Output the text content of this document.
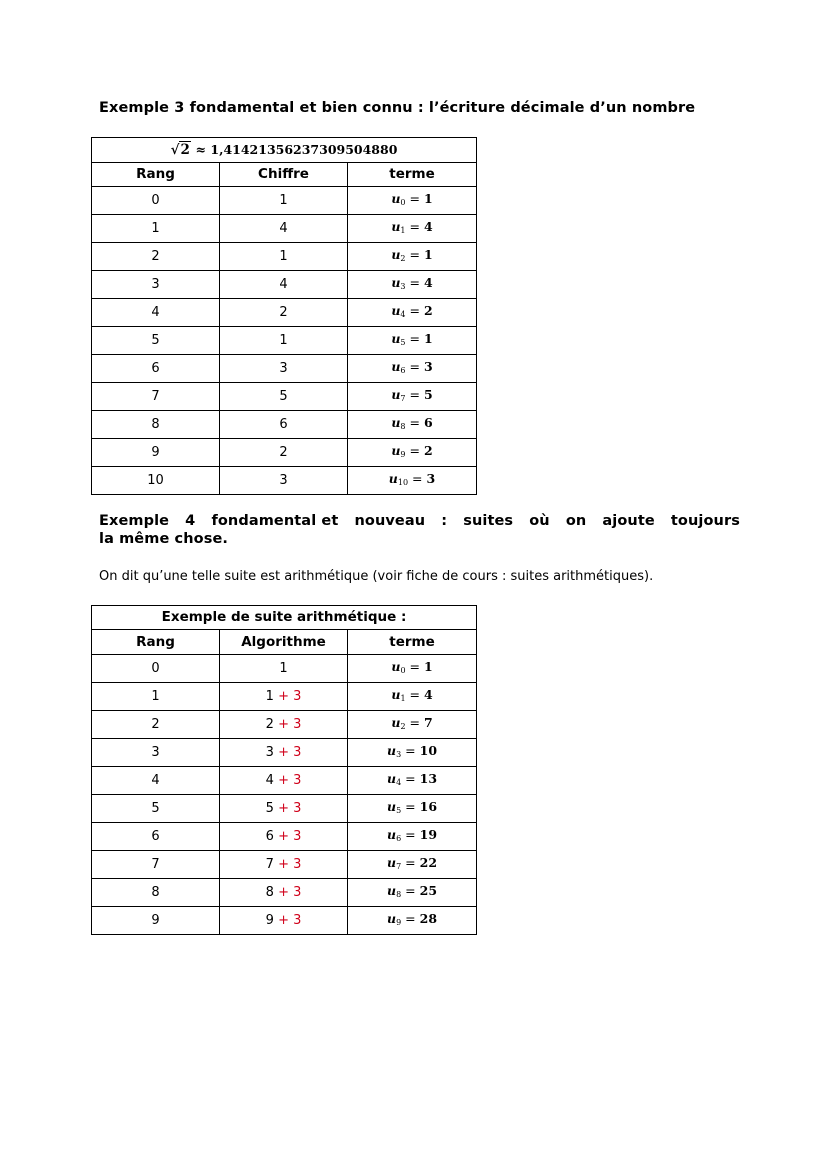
Exemple 3 fondamental et bien connu : l’écriture décimale d’un nombre
√2 ≈ 1,41421356237309504880		
Rang	Chiffre	terme
0	1	$u_0 = 1$
1	4	$u_1 = 4$
2	1	$u_2 = 1$
3	4	$u_3 = 4$
4	2	$u_4 = 2$
5	1	$u_5 = 1$
6	3	$u_6 = 3$
7	5	$u_7 = 5$
8	6	$u_8 = 6$
9	2	$u_9 = 2$
10	3	$u_{10} = 3$
Exemple 4 fondamental et nouveau : suites où on ajoute toujours
la même chose.
On dit qu’une telle suite est arithmétique (voir fiche de cours : suites arithmétiques).
Exemple de suite arithmétique :		
Rang	Algorithme	terme
0	1	$u_0 = 1$
1	1 + 3	$u_1 = 4$
2	2 + 3	$u_2 = 7$
3	3 + 3	$u_3 = 10$
4	4 + 3	$u_4 = 13$
5	5 + 3	$u_5 = 16$
6	6 + 3	$u_6 = 19$
7	7 + 3	$u_7 = 22$
8	8 + 3	$u_8 = 25$
9	9 + 3	$u_9 = 28$
